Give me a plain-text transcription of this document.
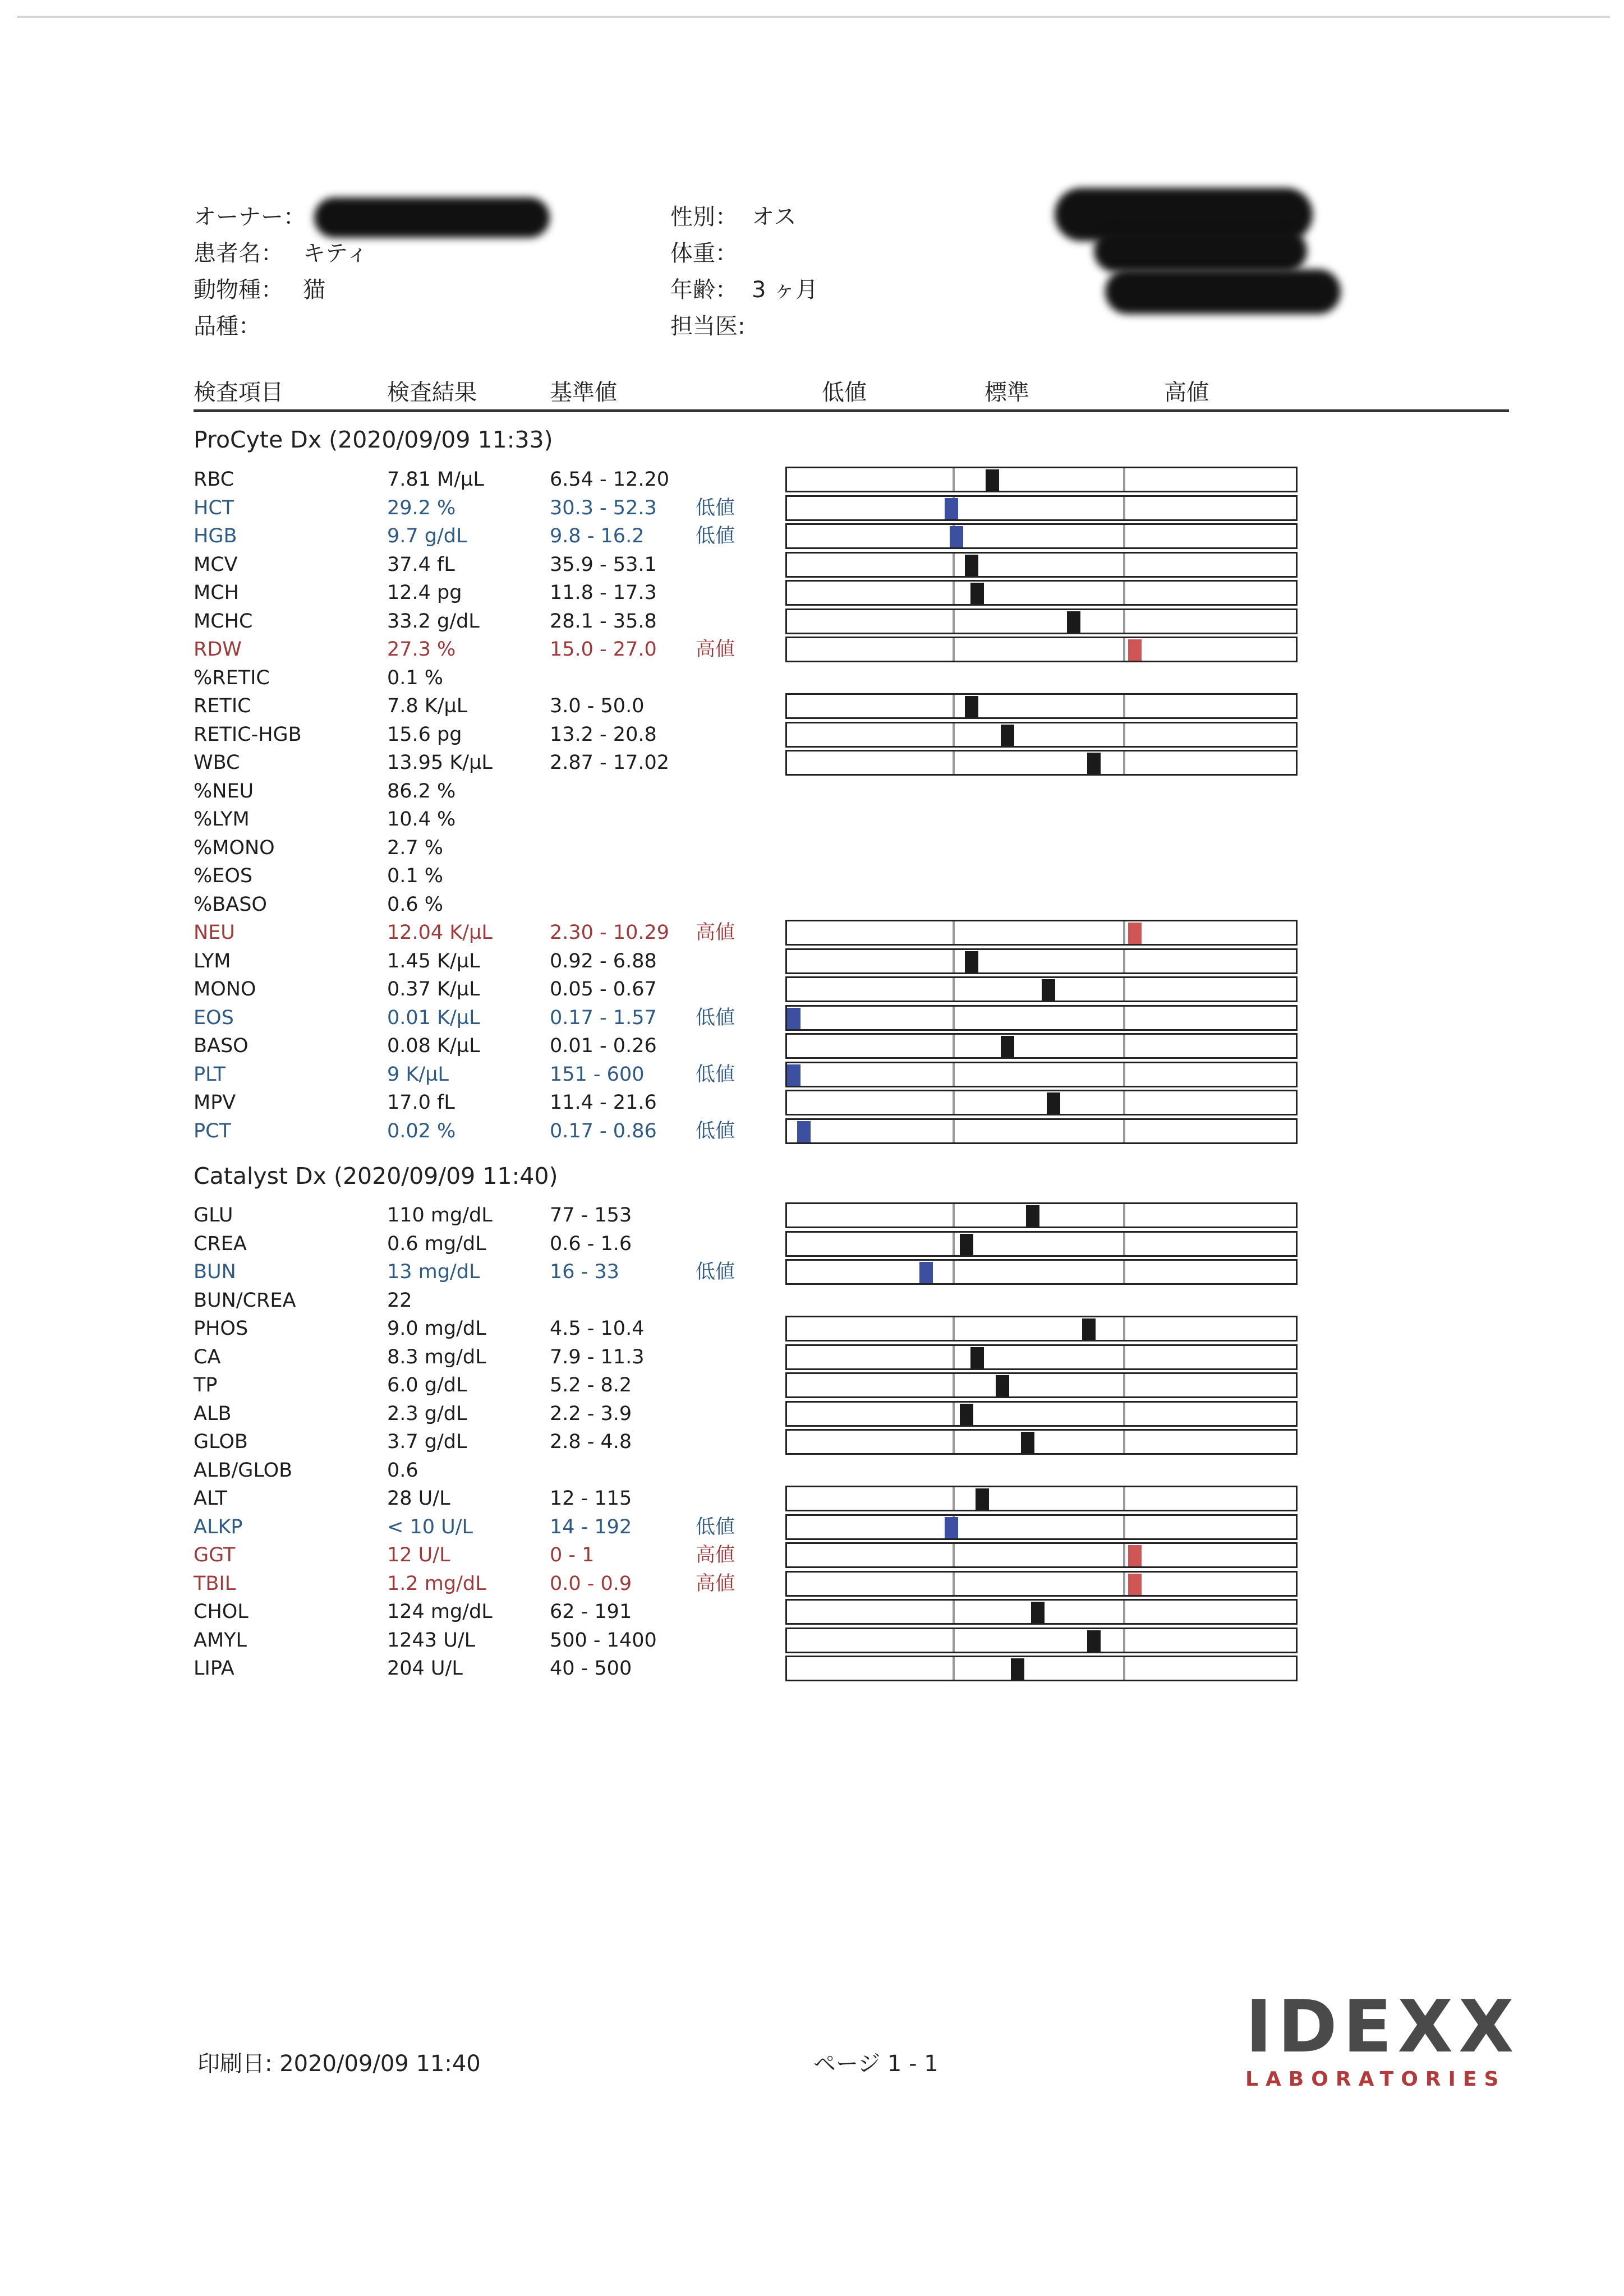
オーナー：
患者名： キティ
動物種： 猫
品種：
性別： オス
体重：
年齢： 3 ヶ月
担当医:
検査項目	検査結果	基準値	低値	標準	高値
ProCyte Dx (2020/09/09 11:33)
RBC	7.81 M/µL	6.54 - 12.20
HCT	29.2 %	30.3 - 52.3 低値
HGB	9.7 g/dL	9.8 - 16.2	低値
MCV	37.4 fL	35.9 - 53.1
MCH	12.4 pg	11.8 - 17.3
MCHC	33.2 g/dL	28.1 - 35.8
RDW	27.3 %	15.0 - 27.0 高値
%RETIC	0.1 %
RETIC	7.8 K/µL	3.0 - 50.0
RETIC-HGB	15.6 pg	13.2 - 20.8
WBC	13.95 K/µL	2.87 - 17.02
%NEU	86.2 %
%LYM	10.4 %
%MONO	2.7 %
%EOS	0.1 %
%BASO	0.6 %
NEU	12.04 K/µL	2.30 - 10.29 高値
LYM	1.45 K/µL	0.92 - 6.88
MONO	0.37 K/µL	0.05 - 0.67
EOS	0.01 K/µL	0.17 - 1.57 低値
BASO	0.08 K/µL	0.01 - 0.26
PLT	9 K/µL	151 - 600	低値
MPV	17.0 fL	11.4 - 21.6
PCT	0.02 %	0.17 - 0.86 低値
Catalyst Dx (2020/09/09 11:40)
GLU	110 mg/dL	77 - 153
CREA	0.6 mg/dL	0.6 - 1.6
BUN	13 mg/dL	16 - 33	低値
BUN/CREA	22
PHOS	9.0 mg/dL	4.5 - 10.4
CA	8.3 mg/dL	7.9 - 11.3
TP	6.0 g/dL	5.2 - 8.2
ALB	2.3 g/dL	2.2 - 3.9
GLOB	3.7 g/dL	2.8 - 4.8
ALB/GLOB	0.6
ALT	28 U/L	12 - 115
ALKP	< 10 U/L	14 - 192	低値
GGT	12 U/L	0 - 1	高値
TBIL	1.2 mg/dL	0.0 - 0.9	高値
CHOL	124 mg/dL	62 - 191
AMYL	1243 U/L	500 - 1400
LIPA	204 U/L	40 - 500
印刷日: 2020/09/09 11:40	ページ 1 - 1	IDEXX
LABORATORIES
